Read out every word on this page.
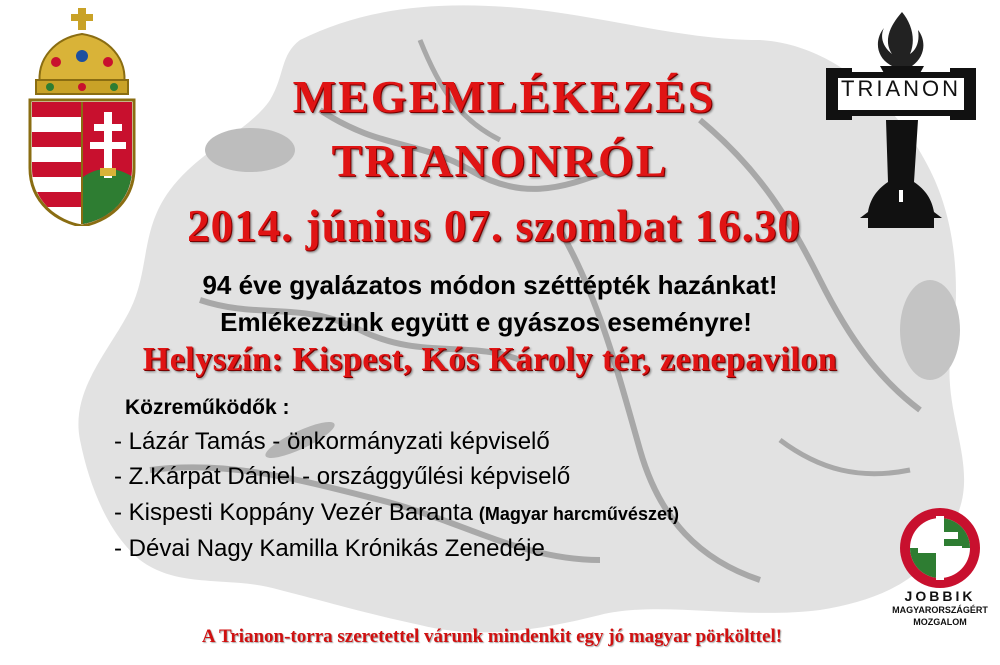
TRIANON
MEGEMLÉKEZÉS
TRIANONRÓL
2014. június 07. szombat 16.30
94 éve gyalázatos módon széttépték hazánkat!
Emlékezzünk együtt e gyászos eseményre!
Helyszín: Kispest, Kós Károly tér, zenepavilon
Közreműködők :
- Lázár Tamás - önkormányzati képviselő
- Z.Kárpát Dániel - országgyűlési képviselő
- Kispesti Koppány Vezér Baranta (Magyar harcművészet)
- Dévai Nagy Kamilla Krónikás Zenedéje
JOBBIK
MAGYARORSZÁGÉRT
MOZGALOM
A Trianon-torra szeretettel várunk mindenkit egy jó magyar pörkölttel!
